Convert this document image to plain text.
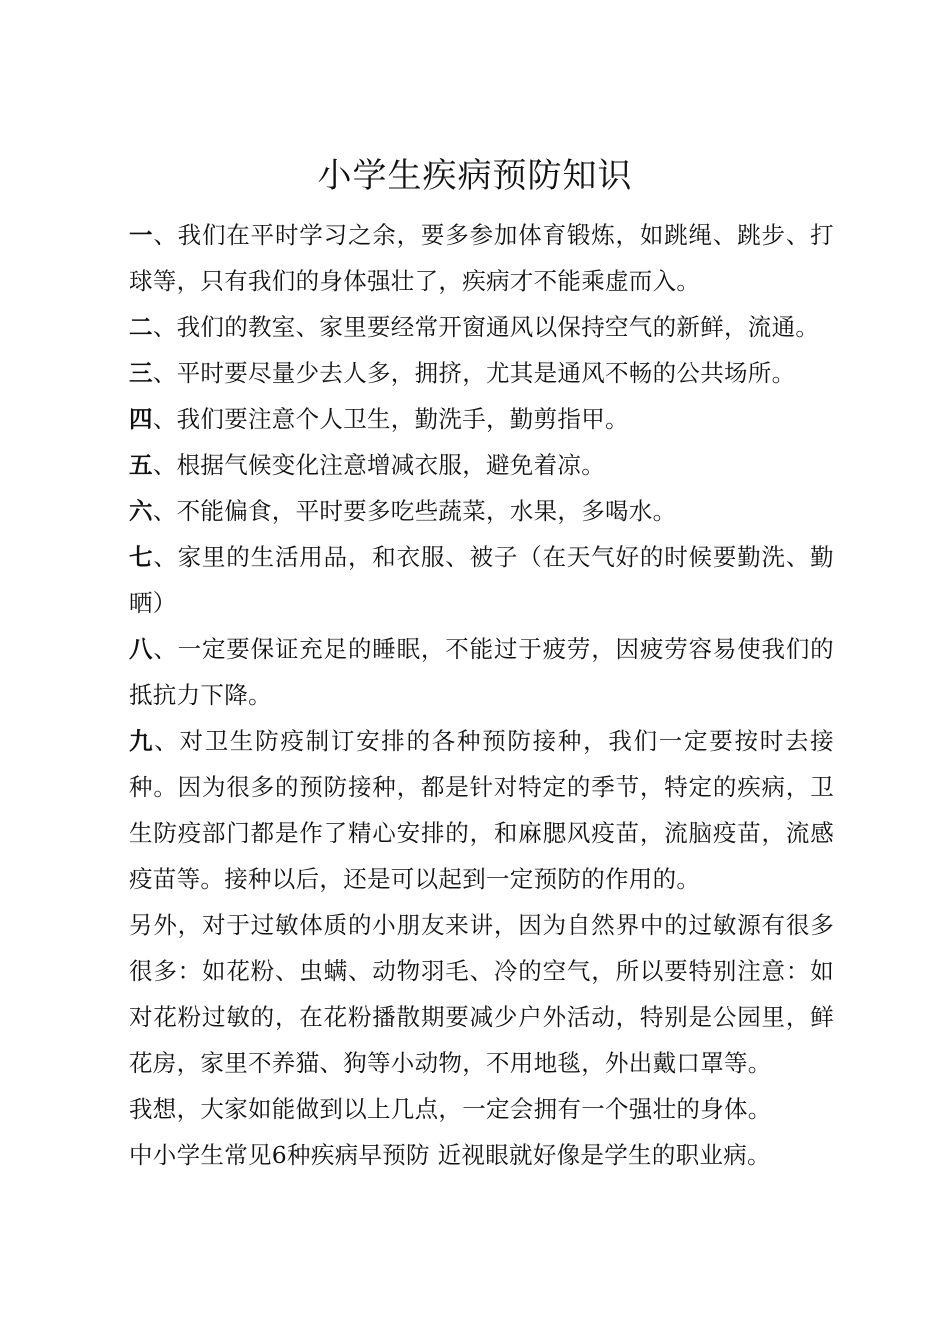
小学生疾病预防知识

一、我们在平时学习之余，要多参加体育锻炼，如跳绳、跳步、打球等，只有我们的身体强壮了，疾病才不能乘虚而入。

二、我们的教室、家里要经常开窗通风以保持空气的新鲜，流通。

三、平时要尽量少去人多，拥挤，尤其是通风不畅的公共场所。

四、我们要注意个人卫生，勤洗手，勤剪指甲。

五、根据气候变化注意增减衣服，避免着凉。

六、不能偏食，平时要多吃些蔬菜，水果，多喝水。

七、家里的生活用品，和衣服、被子（在天气好的时候要勤洗、勤晒）

八、一定要保证充足的睡眠，不能过于疲劳，因疲劳容易使我们的抵抗力下降。

九、对卫生防疫制订安排的各种预防接种，我们一定要按时去接种。因为很多的预防接种，都是针对特定的季节，特定的疾病，卫生防疫部门都是作了精心安排的，和麻腮风疫苗，流脑疫苗，流感疫苗等。接种以后，还是可以起到一定预防的作用的。

另外，对于过敏体质的小朋友来讲，因为自然界中的过敏源有很多很多：如花粉、虫螨、动物羽毛、冷的空气，所以要特别注意：如对花粉过敏的，在花粉播散期要减少户外活动，特别是公园里，鲜花房，家里不养猫、狗等小动物，不用地毯，外出戴口罩等。

我想，大家如能做到以上几点，一定会拥有一个强壮的身体。

中小学生常见6种疾病早预防 近视眼就好像是学生的职业病。
